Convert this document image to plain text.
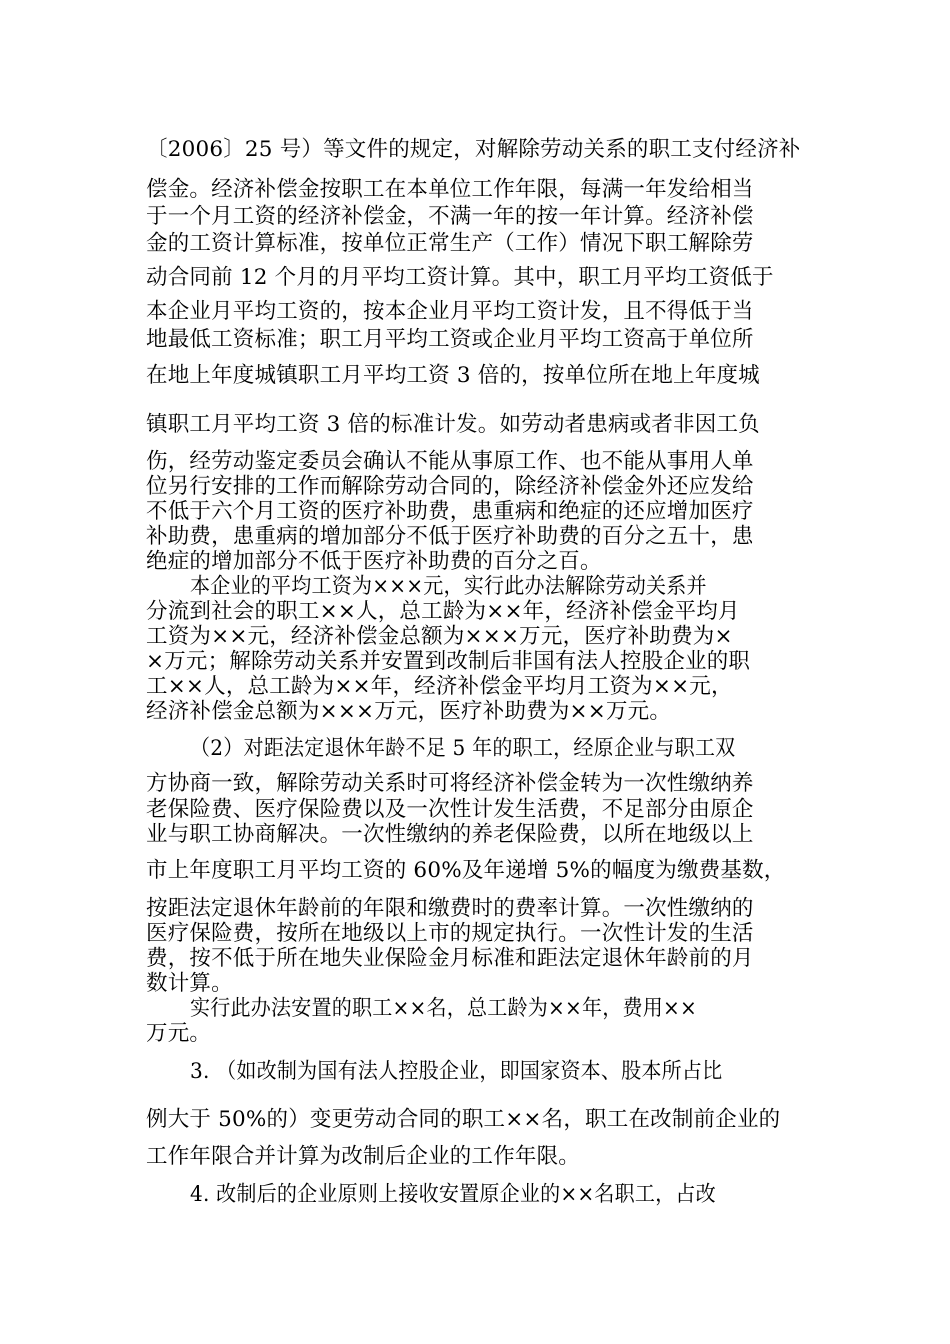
〔2006〕25 号）等文件的规定，对解除劳动关系的职工支付经济补
偿金。经济补偿金按职工在本单位工作年限，每满一年发给相当
于一个月工资的经济补偿金，不满一年的按一年计算。经济补偿
金的工资计算标准，按单位正常生产（工作）情况下职工解除劳
动合同前 12 个月的月平均工资计算。其中，职工月平均工资低于
本企业月平均工资的，按本企业月平均工资计发，且不得低于当
地最低工资标准；职工月平均工资或企业月平均工资高于单位所
在地上年度城镇职工月平均工资 3 倍的，按单位所在地上年度城
镇职工月平均工资 3 倍的标准计发。如劳动者患病或者非因工负
伤，经劳动鉴定委员会确认不能从事原工作、也不能从事用人单
位另行安排的工作而解除劳动合同的，除经济补偿金外还应发给
不低于六个月工资的医疗补助费，患重病和绝症的还应增加医疗
补助费，患重病的增加部分不低于医疗补助费的百分之五十，患
绝症的增加部分不低于医疗补助费的百分之百。
本企业的平均工资为×××元，实行此办法解除劳动关系并
分流到社会的职工××人，总工龄为××年，经济补偿金平均月
工资为××元，经济补偿金总额为×××万元，医疗补助费为×
×万元；解除劳动关系并安置到改制后非国有法人控股企业的职
工××人，总工龄为××年，经济补偿金平均月工资为××元，
经济补偿金总额为×××万元，医疗补助费为××万元。
（2）对距法定退休年龄不足 5 年的职工，经原企业与职工双
方协商一致，解除劳动关系时可将经济补偿金转为一次性缴纳养
老保险费、医疗保险费以及一次性计发生活费，不足部分由原企
业与职工协商解决。一次性缴纳的养老保险费，以所在地级以上
市上年度职工月平均工资的 60%及年递增 5%的幅度为缴费基数，
按距法定退休年龄前的年限和缴费时的费率计算。一次性缴纳的
医疗保险费，按所在地级以上市的规定执行。一次性计发的生活
费，按不低于所在地失业保险金月标准和距法定退休年龄前的月
数计算。
实行此办法安置的职工××名，总工龄为××年，费用××
万元。
3. （如改制为国有法人控股企业，即国家资本、股本所占比
例大于 50%的）变更劳动合同的职工××名，职工在改制前企业的
工作年限合并计算为改制后企业的工作年限。
4. 改制后的企业原则上接收安置原企业的××名职工，占改
